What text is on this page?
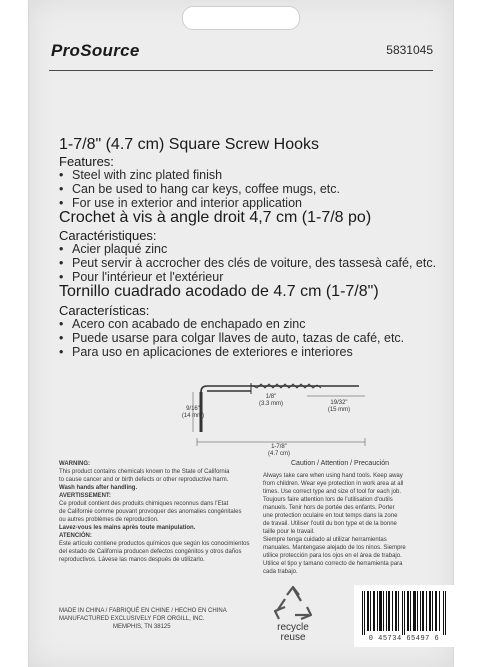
ProSource	5831045
1-7/8" (4.7 cm) Square Screw Hooks
Features:
• Steel with zinc plated finish
• Can be used to hang car keys, coffee mugs, etc.
• For use in exterior and interior application
Crochet à vis à angle droit 4,7 cm (1-7/8 po)
Caractéristiques:
• Acier plaqué zinc
• Peut servir à accrocher des clés de voiture, des tassesà café, etc.
• Pour l'intérieur et l'extérieur
Tornillo cuadrado acodado de 4.7 cm (1-7/8")
Características:
• Acero con acabado de enchapado en zinc
• Puede usarse para colgar llaves de auto, tazas de café, etc.
• Para uso en aplicaciones de exteriores e interiores
1/8"
(3.3 mm)
9/16"
(14 mm)
19/32"
(15 mm)
1-7/8"
(4.7 cm)
WARNING:
This product contains chemicals known to the State of California
to cause cancer and or birth defects or other reproductive harm.
Wash hands after handling.
AVERTISSEMENT:
Ce produit contient des produits chimiques reconnus dans l'Etat
de Californie comme pouvant provoquer des anomalies congénitales
ou autres problèmes de reproduction.
Lavez-vous les mains après toute manipulation.
ATENCIÓN:
Este artículo contiene productos químicos que según los conocimientos
del estado de California producen defectos congénitos y otros daños
reproductivos. Lávese las manos después de utilizarlo.
Caution / Attention / Precaución
Always take care when using hand tools. Keep away
from children. Wear eye protection in work area at all
times. Use correct type and size of tool for each job.
Toujours faire attention lors de l'utilisation d'outils
manuels. Tenir hors de portée des enfants. Porter
une protection oculaire en tout temps dans la zone
de travail. Utiliser l'outil du bon type et de la bonne
taille pour le travail.
Siempre tenga cuidado al utilizar herramientas
manuales. Mantengase alejado de los ninos. Siempre
utilice protección para los ojos en el área de trabajo.
Utilice el tipo y tamano correcto de herramienta para
cada trabajo.
MADE IN CHINA / FABRIQUÉ EN CHINE / HECHO EN CHINA
MANUFACTURED EXCLUSIVELY FOR ORGILL, INC.
MEMPHIS, TN 38125	recycle
reuse	0 45734 65497 6
